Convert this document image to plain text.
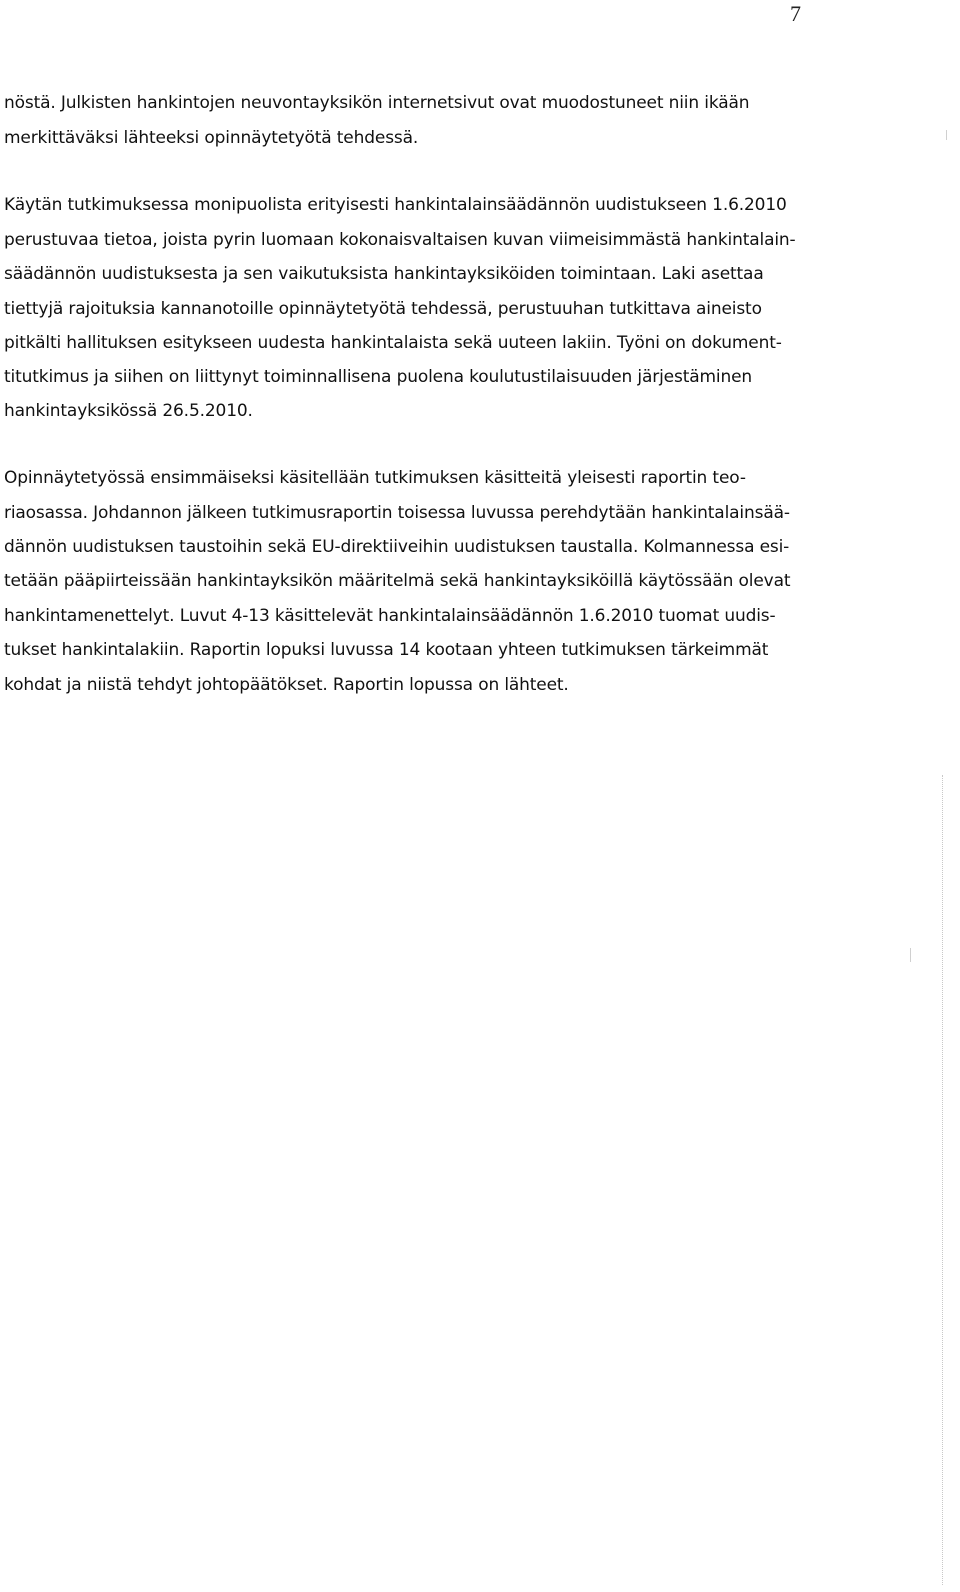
7
nöstä. Julkisten hankintojen neuvontayksikön internetsivut ovat muodostuneet niin ikään
merkittäväksi lähteeksi opinnäytetyötä tehdessä.
Käytän tutkimuksessa monipuolista erityisesti hankintalainsäädännön uudistukseen 1.6.2010
perustuvaa tietoa, joista pyrin luomaan kokonaisvaltaisen kuvan viimeisimmästä hankintalain-
säädännön uudistuksesta ja sen vaikutuksista hankintayksiköiden toimintaan. Laki asettaa
tiettyjä rajoituksia kannanotoille opinnäytetyötä tehdessä, perustuuhan tutkittava aineisto
pitkälti hallituksen esitykseen uudesta hankintalaista sekä uuteen lakiin. Työni on dokument-
titutkimus ja siihen on liittynyt toiminnallisena puolena koulutustilaisuuden järjestäminen
hankintayksikössä 26.5.2010.
Opinnäytetyössä ensimmäiseksi käsitellään tutkimuksen käsitteitä yleisesti raportin teo-
riaosassa. Johdannon jälkeen tutkimusraportin toisessa luvussa perehdytään hankintalainsää-
dännön uudistuksen taustoihin sekä EU-direktiiveihin uudistuksen taustalla. Kolmannessa esi-
tetään pääpiirteissään hankintayksikön määritelmä sekä hankintayksiköillä käytössään olevat
hankintamenettelyt. Luvut 4-13 käsittelevät hankintalainsäädännön 1.6.2010 tuomat uudis-
tukset hankintalakiin. Raportin lopuksi luvussa 14 kootaan yhteen tutkimuksen tärkeimmät
kohdat ja niistä tehdyt johtopäätökset. Raportin lopussa on lähteet.
